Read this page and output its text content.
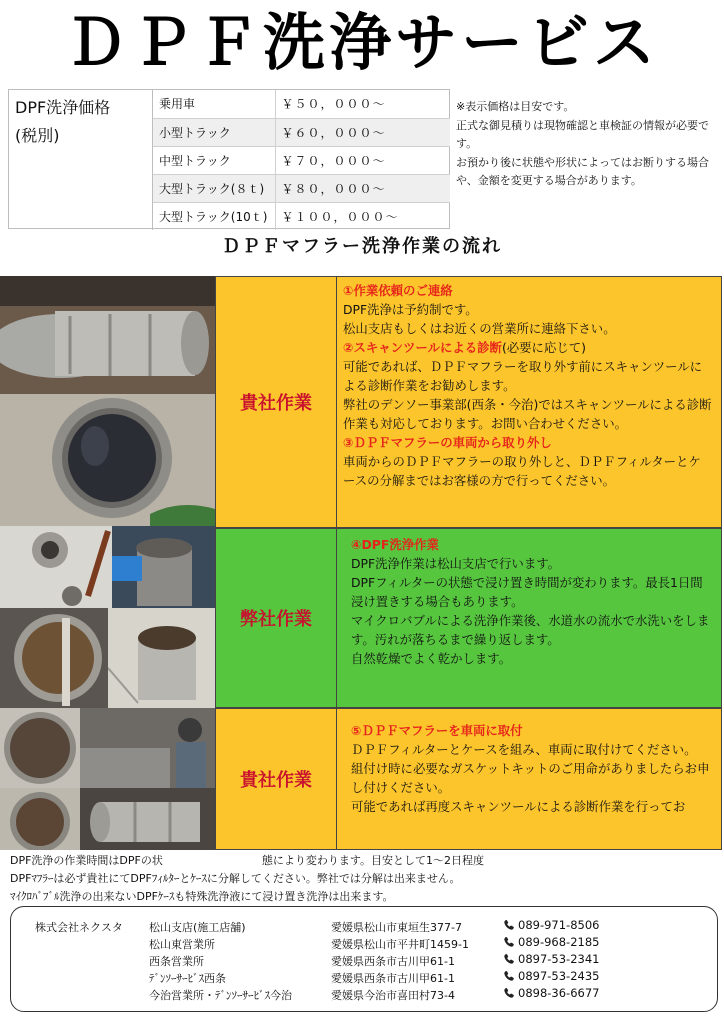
ＤＰＦ洗浄サービス
DPF洗浄価格
(税別)
乗用車	￥５０，０００～
小型トラック	￥６０，０００～
中型トラック	￥７０，０００～
大型トラック(８ｔ)	￥８０，０００～
大型トラック(10ｔ)	￥１００，０００～
※表示価格は目安です。
正式な御見積りは現物確認と車検証の情報が必要です。
お預かり後に状態や形状によってはお断りする場合や、金額を変更する場合があります。
ＤＰＦマフラー洗浄作業の流れ
貴社作業

①作業依頼のご連絡

DPF洗浄は予約制です。
松山支店もしくはお近くの営業所に連絡下さい。

②スキャンツールによる診断(必要に応じて)

可能であれば、ＤＰＦマフラーを取り外す前にスキャンツールによる診断作業をお勧めします。
弊社のデンソー事業部(西条・今治)ではスキャンツールによる診断作業も対応しております。お問い合わせください。

③ＤＰＦマフラーの車両から取り外し

車両からのＤＰＦマフラーの取り外しと、ＤＰＦフィルターとケースの分解まではお客様の方で行ってください。

弊社作業

④DPF洗浄作業

DPF洗浄作業は松山支店で行います。
DPFフィルターの状態で浸け置き時間が変わります。最長1日間浸け置きする場合もあります。
マイクロバブルによる洗浄作業後、水道水の流水で水洗いをします。汚れが落ちるまで繰り返します。
自然乾燥でよく乾かします。

貴社作業

⑤ＤＰＦマフラーを車両に取付

ＤＰＦフィルターとケースを組み、車両に取付けてください。
組付け時に必要なガスケットキットのご用命がありましたらお申し付けください。
可能であれば再度スキャンツールによる診断作業を行ってお

DPF洗浄の作業時間はDPFの状　　　　　　　　　態により変わります。目安として1～2日程度

DPFﾏﾌﾗｰは必ず貴社にてDPFﾌｨﾙﾀｰとｹｰｽに分解してください。弊社では分解は出来ません。

ﾏｲｸﾛﾊﾞﾌﾞﾙ洗浄の出来ないDPFｹｰｽも特殊洗浄液にて浸け置き洗浄は出来ます。

株式会社ネクスタ 松山支店(施工店舗)	愛媛県松山市東垣生377-7	089-971-8506
松山東営業所	愛媛県松山市平井町1459-1	089-968-2185
西条営業所	愛媛県西条市古川甲61-1	0897-53-2341
ﾃﾞﾝｿｰｻｰﾋﾞｽ西条	愛媛県西条市古川甲61-1	0897-53-2435
今治営業所・ﾃﾞﾝｿｰｻｰﾋﾞｽ今治	愛媛県今治市喜田村73-4	0898-36-6677
